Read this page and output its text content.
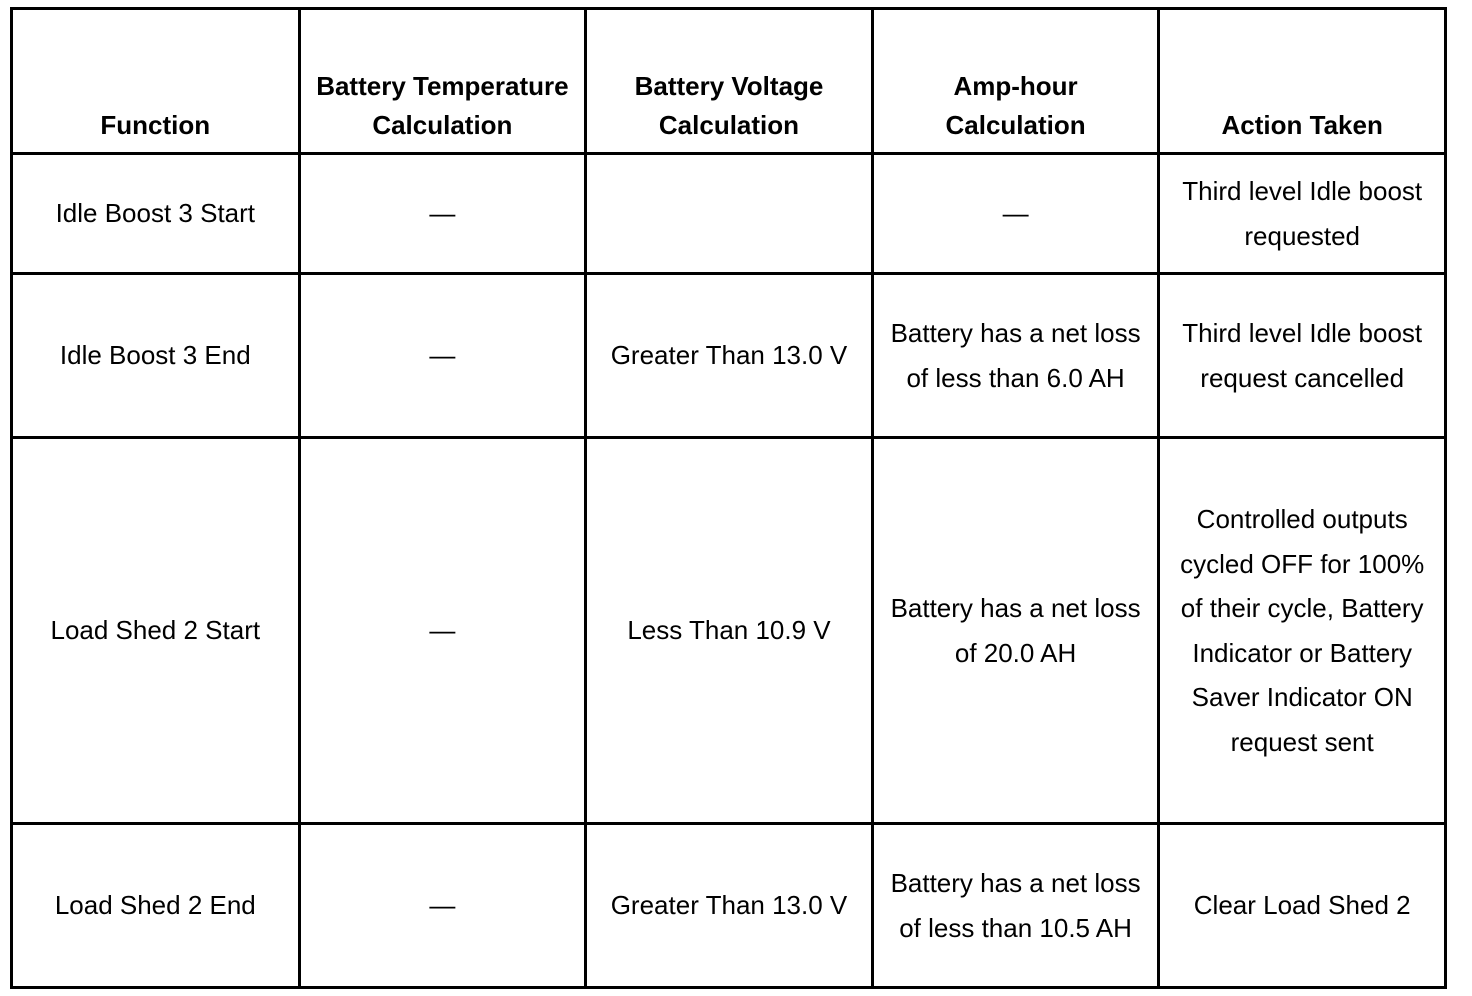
Function	Battery Temperature Calculation	Battery Voltage Calculation	Amp-hour Calculation	Action Taken

Idle Boost 3 Start	—		—	Third level Idle boost requested

Idle Boost 3 End	—	Greater Than 13.0 V	Battery has a net loss of less than 6.0 AH	Third level Idle boost request cancelled

Load Shed 2 Start	—	Less Than 10.9 V	Battery has a net loss of 20.0 AH	Controlled outputs cycled OFF for 100% of their cycle, Battery Indicator or Battery Saver Indicator ON request sent

Load Shed 2 End	—	Greater Than 13.0 V	Battery has a net loss of less than 10.5 AH	Clear Load Shed 2
